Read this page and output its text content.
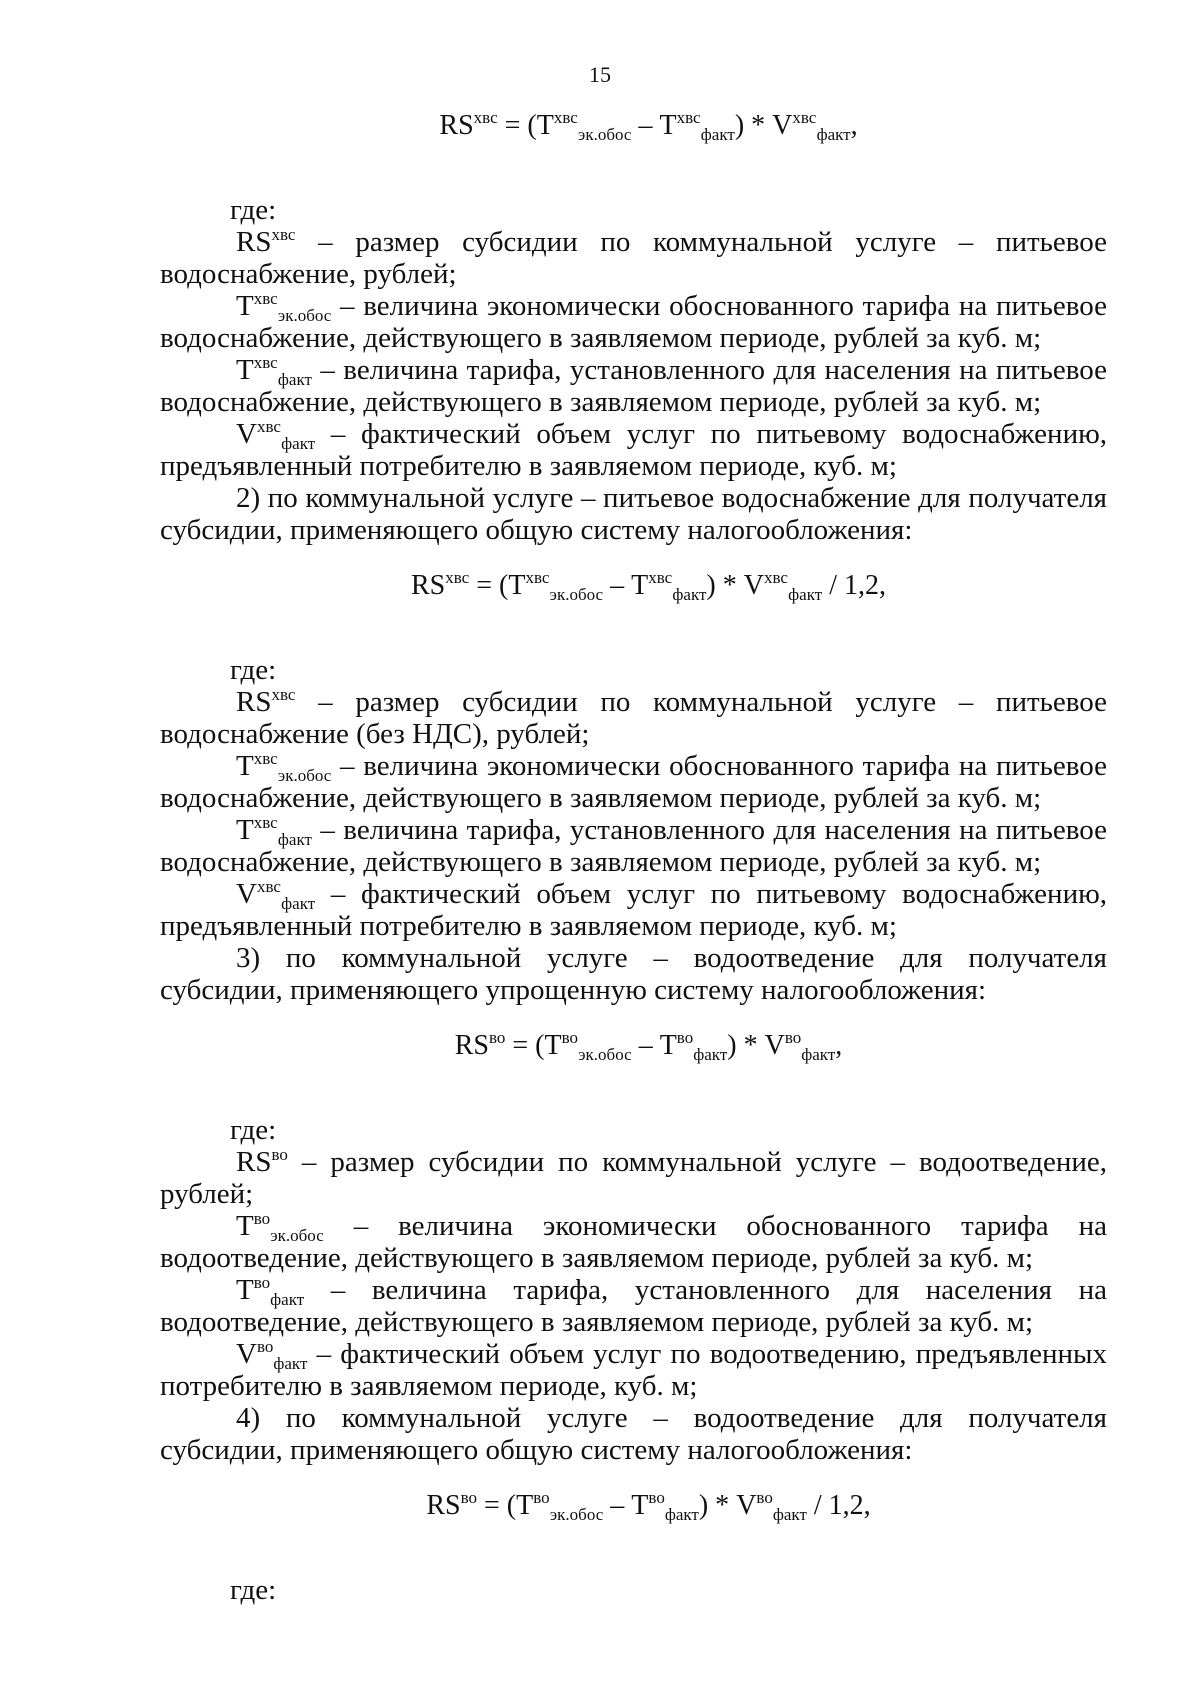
15
$RS^{хвс} = (T^{хвс}_{эк.обос} - T^{хвс}_{факт}) * V^{хвс}_{факт}$,

где:

$RS^{хвс}$ – размер субсидии по коммунальной услуге – питьевое водоснабжение, рублей;

$T^{хвс}_{эк.обос}$ – величина экономически обоснованного тарифа на питьевое водоснабжение, действующего в заявляемом периоде, рублей за куб. м;

$T^{хвс}_{факт}$ – величина тарифа, установленного для населения на питьевое водоснабжение, действующего в заявляемом периоде, рублей за куб. м;

$V^{хвс}_{факт}$ – фактический объем услуг по питьевому водоснабжению, предъявленный потребителю в заявляемом периоде, куб. м;

2) по коммунальной услуге – питьевое водоснабжение для получателя субсидии, применяющего общую систему налогообложения:

$RS^{хвс} = (T^{хвс}_{эк.обос} - T^{хвс}_{факт}) * V^{хвс}_{факт} / 1,2$,

где:

$RS^{хвс}$ – размер субсидии по коммунальной услуге – питьевое водоснабжение (без НДС), рублей;

$T^{хвс}_{эк.обос}$ – величина экономически обоснованного тарифа на питьевое водоснабжение, действующего в заявляемом периоде, рублей за куб. м;

$T^{хвс}_{факт}$ – величина тарифа, установленного для населения на питьевое водоснабжение, действующего в заявляемом периоде, рублей за куб. м;

$V^{хвс}_{факт}$ – фактический объем услуг по питьевому водоснабжению, предъявленный потребителю в заявляемом периоде, куб. м;

3) по коммунальной услуге – водоотведение для получателя субсидии, применяющего упрощенную систему налогообложения:

$RS^{во} = (T^{во}_{эк.обос} - T^{во}_{факт}) * V^{во}_{факт}$,

где:

$RS^{во}$ – размер субсидии по коммунальной услуге – водоотведение, рублей;

$T^{во}_{эк.обос}$ – величина экономически обоснованного тарифа на водоотведение, действующего в заявляемом периоде, рублей за куб. м;

$T^{во}_{факт}$ – величина тарифа, установленного для населения на водоотведение, действующего в заявляемом периоде, рублей за куб. м;

$V^{во}_{факт}$ – фактический объем услуг по водоотведению, предъявленных потребителю в заявляемом периоде, куб. м;

4) по коммунальной услуге – водоотведение для получателя субсидии, применяющего общую систему налогообложения:

$RS^{во} = (T^{во}_{эк.обос} - T^{во}_{факт}) * V^{во}_{факт} / 1,2$,

где:
